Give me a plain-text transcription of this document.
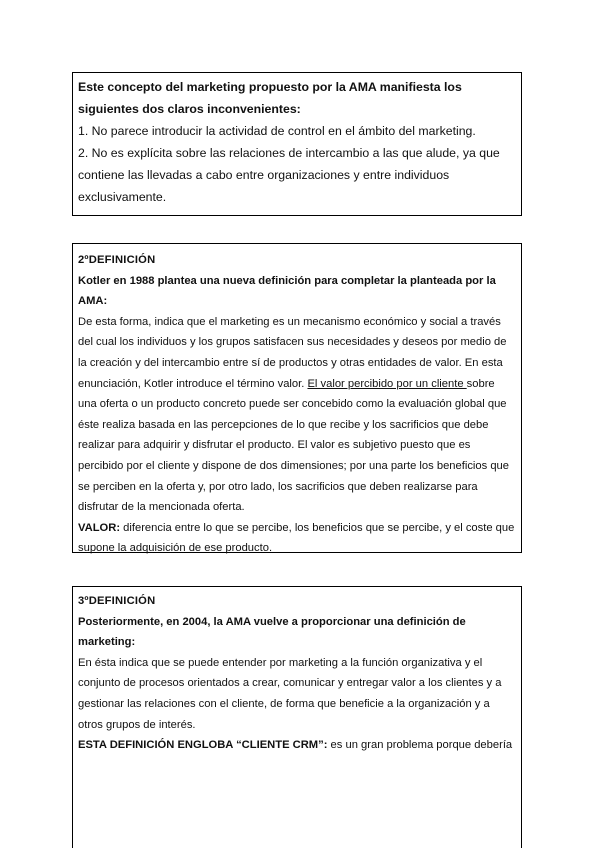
Este concepto del marketing propuesto por la AMA manifiesta los siguientes dos claros inconvenientes:

1. No parece introducir la actividad de control en el ámbito del marketing.

2. No es explícita sobre las relaciones de intercambio a las que alude, ya que contiene las llevadas a cabo entre organizaciones y entre individuos exclusivamente.

2ºDEFINICIÓN

Kotler en 1988 plantea una nueva definición para completar la planteada por la AMA:

De esta forma, indica que el marketing es un mecanismo económico y social a través del cual los individuos y los grupos satisfacen sus necesidades y deseos por medio de la creación y del intercambio entre sí de productos y otras entidades de valor. En esta enunciación, Kotler introduce el término valor. El valor percibido por un cliente sobre una oferta o un producto concreto puede ser concebido como la evaluación global que éste realiza basada en las percepciones de lo que recibe y los sacrificios que debe realizar para adquirir y disfrutar el producto. El valor es subjetivo puesto que es percibido por el cliente y dispone de dos dimensiones; por una parte los beneficios que se perciben en la oferta y, por otro lado, los sacrificios que deben realizarse para disfrutar de la mencionada oferta.

VALOR: diferencia entre lo que se percibe, los beneficios que se percibe, y el coste que supone la adquisición de ese producto.

3ºDEFINICIÓN

Posteriormente, en 2004, la AMA vuelve a proporcionar una definición de marketing:

En ésta indica que se puede entender por marketing a la función organizativa y el conjunto de procesos orientados a crear, comunicar y entregar valor a los clientes y a gestionar las relaciones con el cliente, de forma que beneficie a la organización y a otros grupos de interés.

ESTA DEFINICIÓN ENGLOBA “CLIENTE CRM”: es un gran problema porque debería
